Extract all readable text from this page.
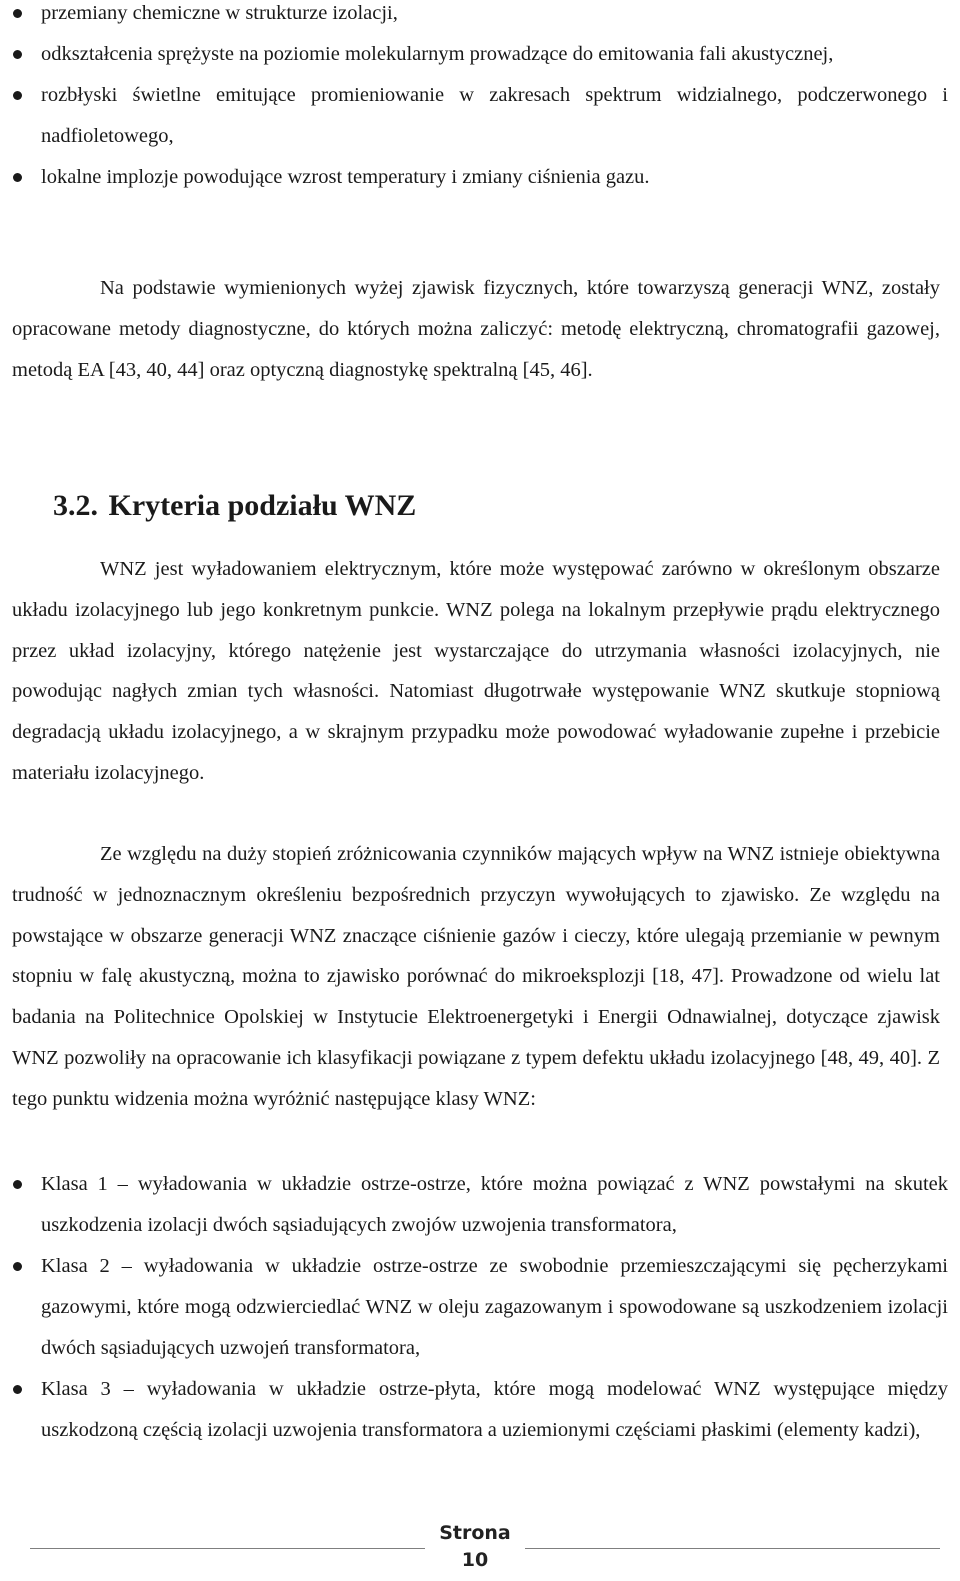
przemiany chemiczne w strukturze izolacji,
odkształcenia sprężyste na poziomie molekularnym prowadzące do emitowania fali akustycznej,
rozbłyski świetlne emitujące promieniowanie w zakresach spektrum widzialnego, podczerwonego i nadfioletowego,
lokalne implozje powodujące wzrost temperatury i zmiany ciśnienia gazu.

Na podstawie wymienionych wyżej zjawisk fizycznych, które towarzyszą generacji WNZ, zostały opracowane metody diagnostyczne, do których można zaliczyć: metodę elektryczną, chromatografii gazowej, metodą EA [43, 40, 44] oraz optyczną diagnostykę spektralną [45, 46].

3.2. Kryteria podziału WNZ

WNZ jest wyładowaniem elektrycznym, które może występować zarówno w określonym obszarze układu izolacyjnego lub jego konkretnym punkcie. WNZ polega na lokalnym przepływie prądu elektrycznego przez układ izolacyjny, którego natężenie jest wystarczające do utrzymania własności izolacyjnych, nie powodując nagłych zmian tych własności. Natomiast długotrwałe występowanie WNZ skutkuje stopniową degradacją układu izolacyjnego, a w skrajnym przypadku może powodować wyładowanie zupełne i przebicie materiału izolacyjnego.

Ze względu na duży stopień zróżnicowania czynników mających wpływ na WNZ istnieje obiektywna trudność w jednoznacznym określeniu bezpośrednich przyczyn wywołujących to zjawisko. Ze względu na powstające w obszarze generacji WNZ znaczące ciśnienie gazów i cieczy, które ulegają przemianie w pewnym stopniu w falę akustyczną, można to zjawisko porównać do mikroeksplozji [18, 47]. Prowadzone od wielu lat badania na Politechnice Opolskiej w Instytucie Elektroenergetyki i Energii Odnawialnej, dotyczące zjawisk WNZ pozwoliły na opracowanie ich klasyfikacji powiązane z typem defektu układu izolacyjnego [48, 49, 40]. Z tego punktu widzenia można wyróżnić następujące klasy WNZ:

Klasa 1 – wyładowania w układzie ostrze-ostrze, które można powiązać z WNZ powstałymi na skutek uszkodzenia izolacji dwóch sąsiadujących zwojów uzwojenia transformatora,
Klasa 2 – wyładowania w układzie ostrze-ostrze ze swobodnie przemieszczającymi się pęcherzykami gazowymi, które mogą odzwierciedlać WNZ w oleju zagazowanym i spowodowane są uszkodzeniem izolacji dwóch sąsiadujących uzwojeń transformatora,
Klasa 3 – wyładowania w układzie ostrze-płyta, które mogą modelować WNZ występujące między uszkodzoną częścią izolacji uzwojenia transformatora a uziemionymi częściami płaskimi (elementy kadzi),
Strona
10
